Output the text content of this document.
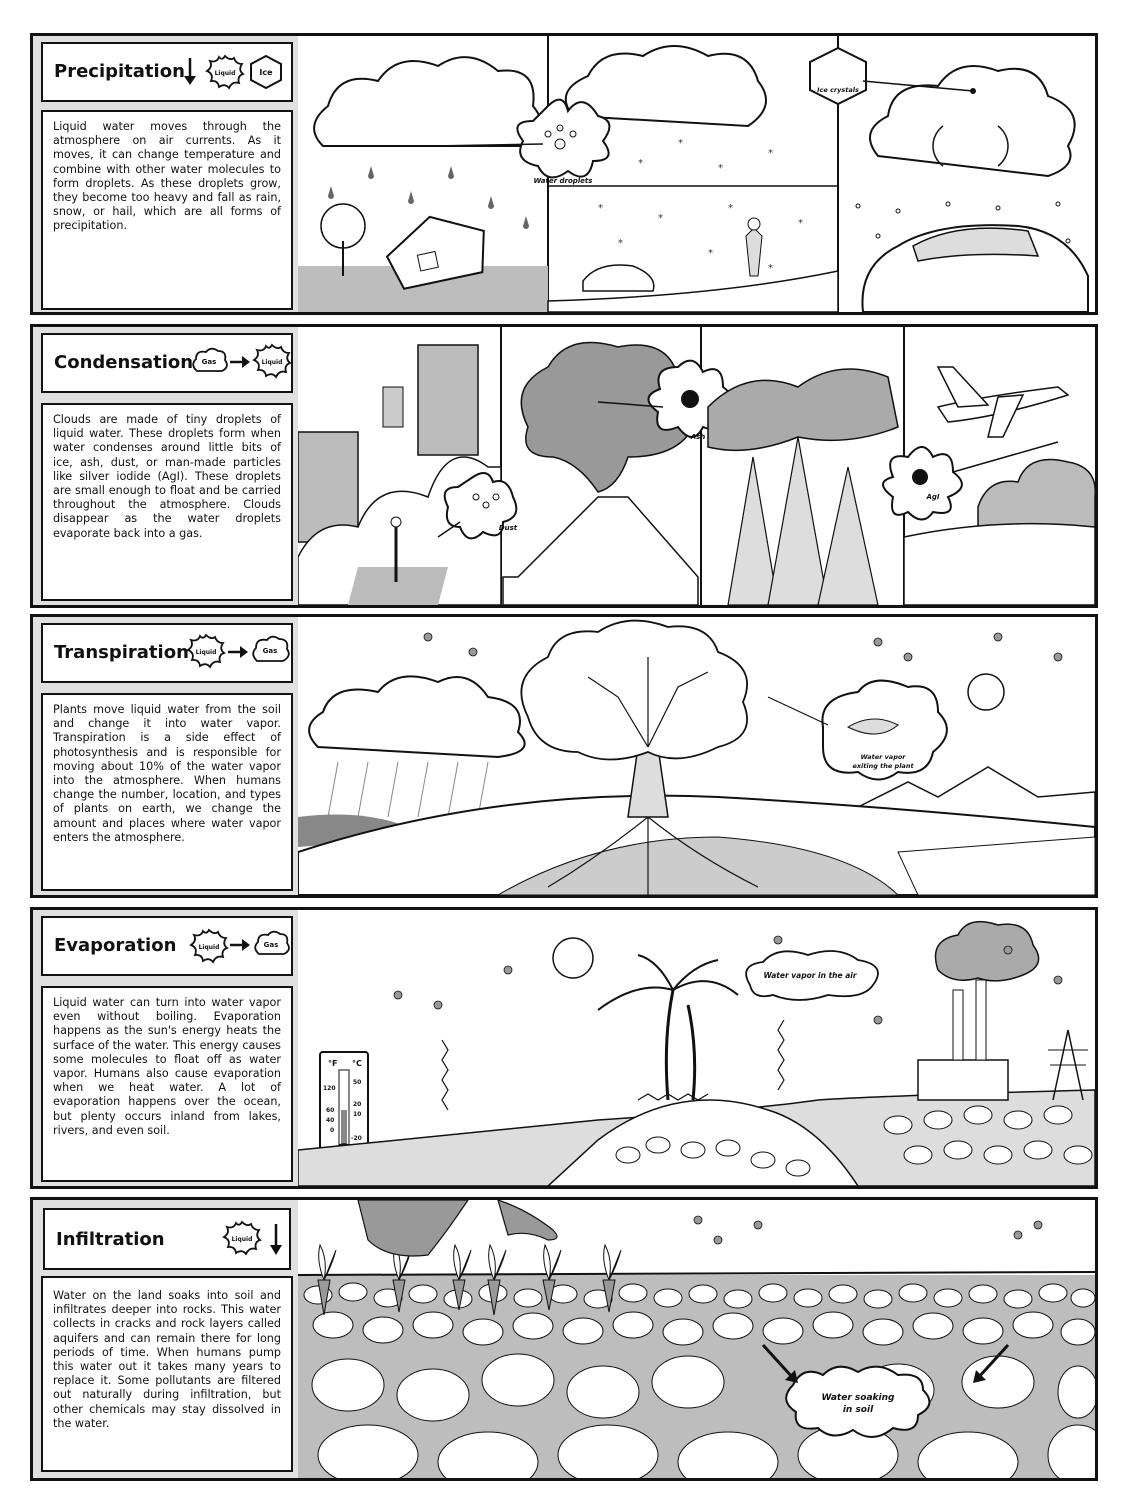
Precipitation	Liquid	Ice

Liquid water moves through the atmosphere on air currents. As it moves, it can change temperature and combine with other water molecules to form droplets. As these droplets grow, they become too heavy and fall as rain, snow, or hail, which are all forms of precipitation.

Water droplets
*
*
*
*
*
*
*
*
*
*
*
Ice crystals
Condensation Gas	Liquid

Clouds are made of tiny droplets of liquid water. These droplets form when water condenses around little bits of ice, ash, dust, or man-made particles like silver iodide (AgI). These droplets are small enough to float and be carried throughout the atmosphere. Clouds disappear as the water droplets evaporate back into a gas.	Dust
Ash
AgI
Transpiration Liquid	Gas

Plants move liquid water from the soil and change it into water vapor. Transpiration is a side effect of photosynthesis and is responsible for moving about 10% of the water vapor into the atmosphere. When humans change the number, location, and types of plants on earth, we change the amount and places where water vapor enters the atmosphere.

Water vapor
exiting the plant
Evaporation	Liquid	Gas

Liquid water can turn into water vapor even without boiling. Evaporation happens as the sun's energy heats the surface of the water. This energy causes some molecules to float off as water vapor. Humans also cause evaporation when we heat water. A lot of evaporation happens over the ocean, but plenty occurs inland from lakes, rivers, and even soil.

°F °C
120
60
40
0
50
20
10
-20
Water vapor in the air
Infiltration	Liquid

Water on the land soaks into soil and infiltrates deeper into rocks. This water collects in cracks and rock layers called aquifers and can remain there for long periods of time. When humans pump this water out it takes many years to replace it. Some pollutants are filtered out naturally during infiltration, but other chemicals may stay dissolved in the water.

Water soaking
in soil
